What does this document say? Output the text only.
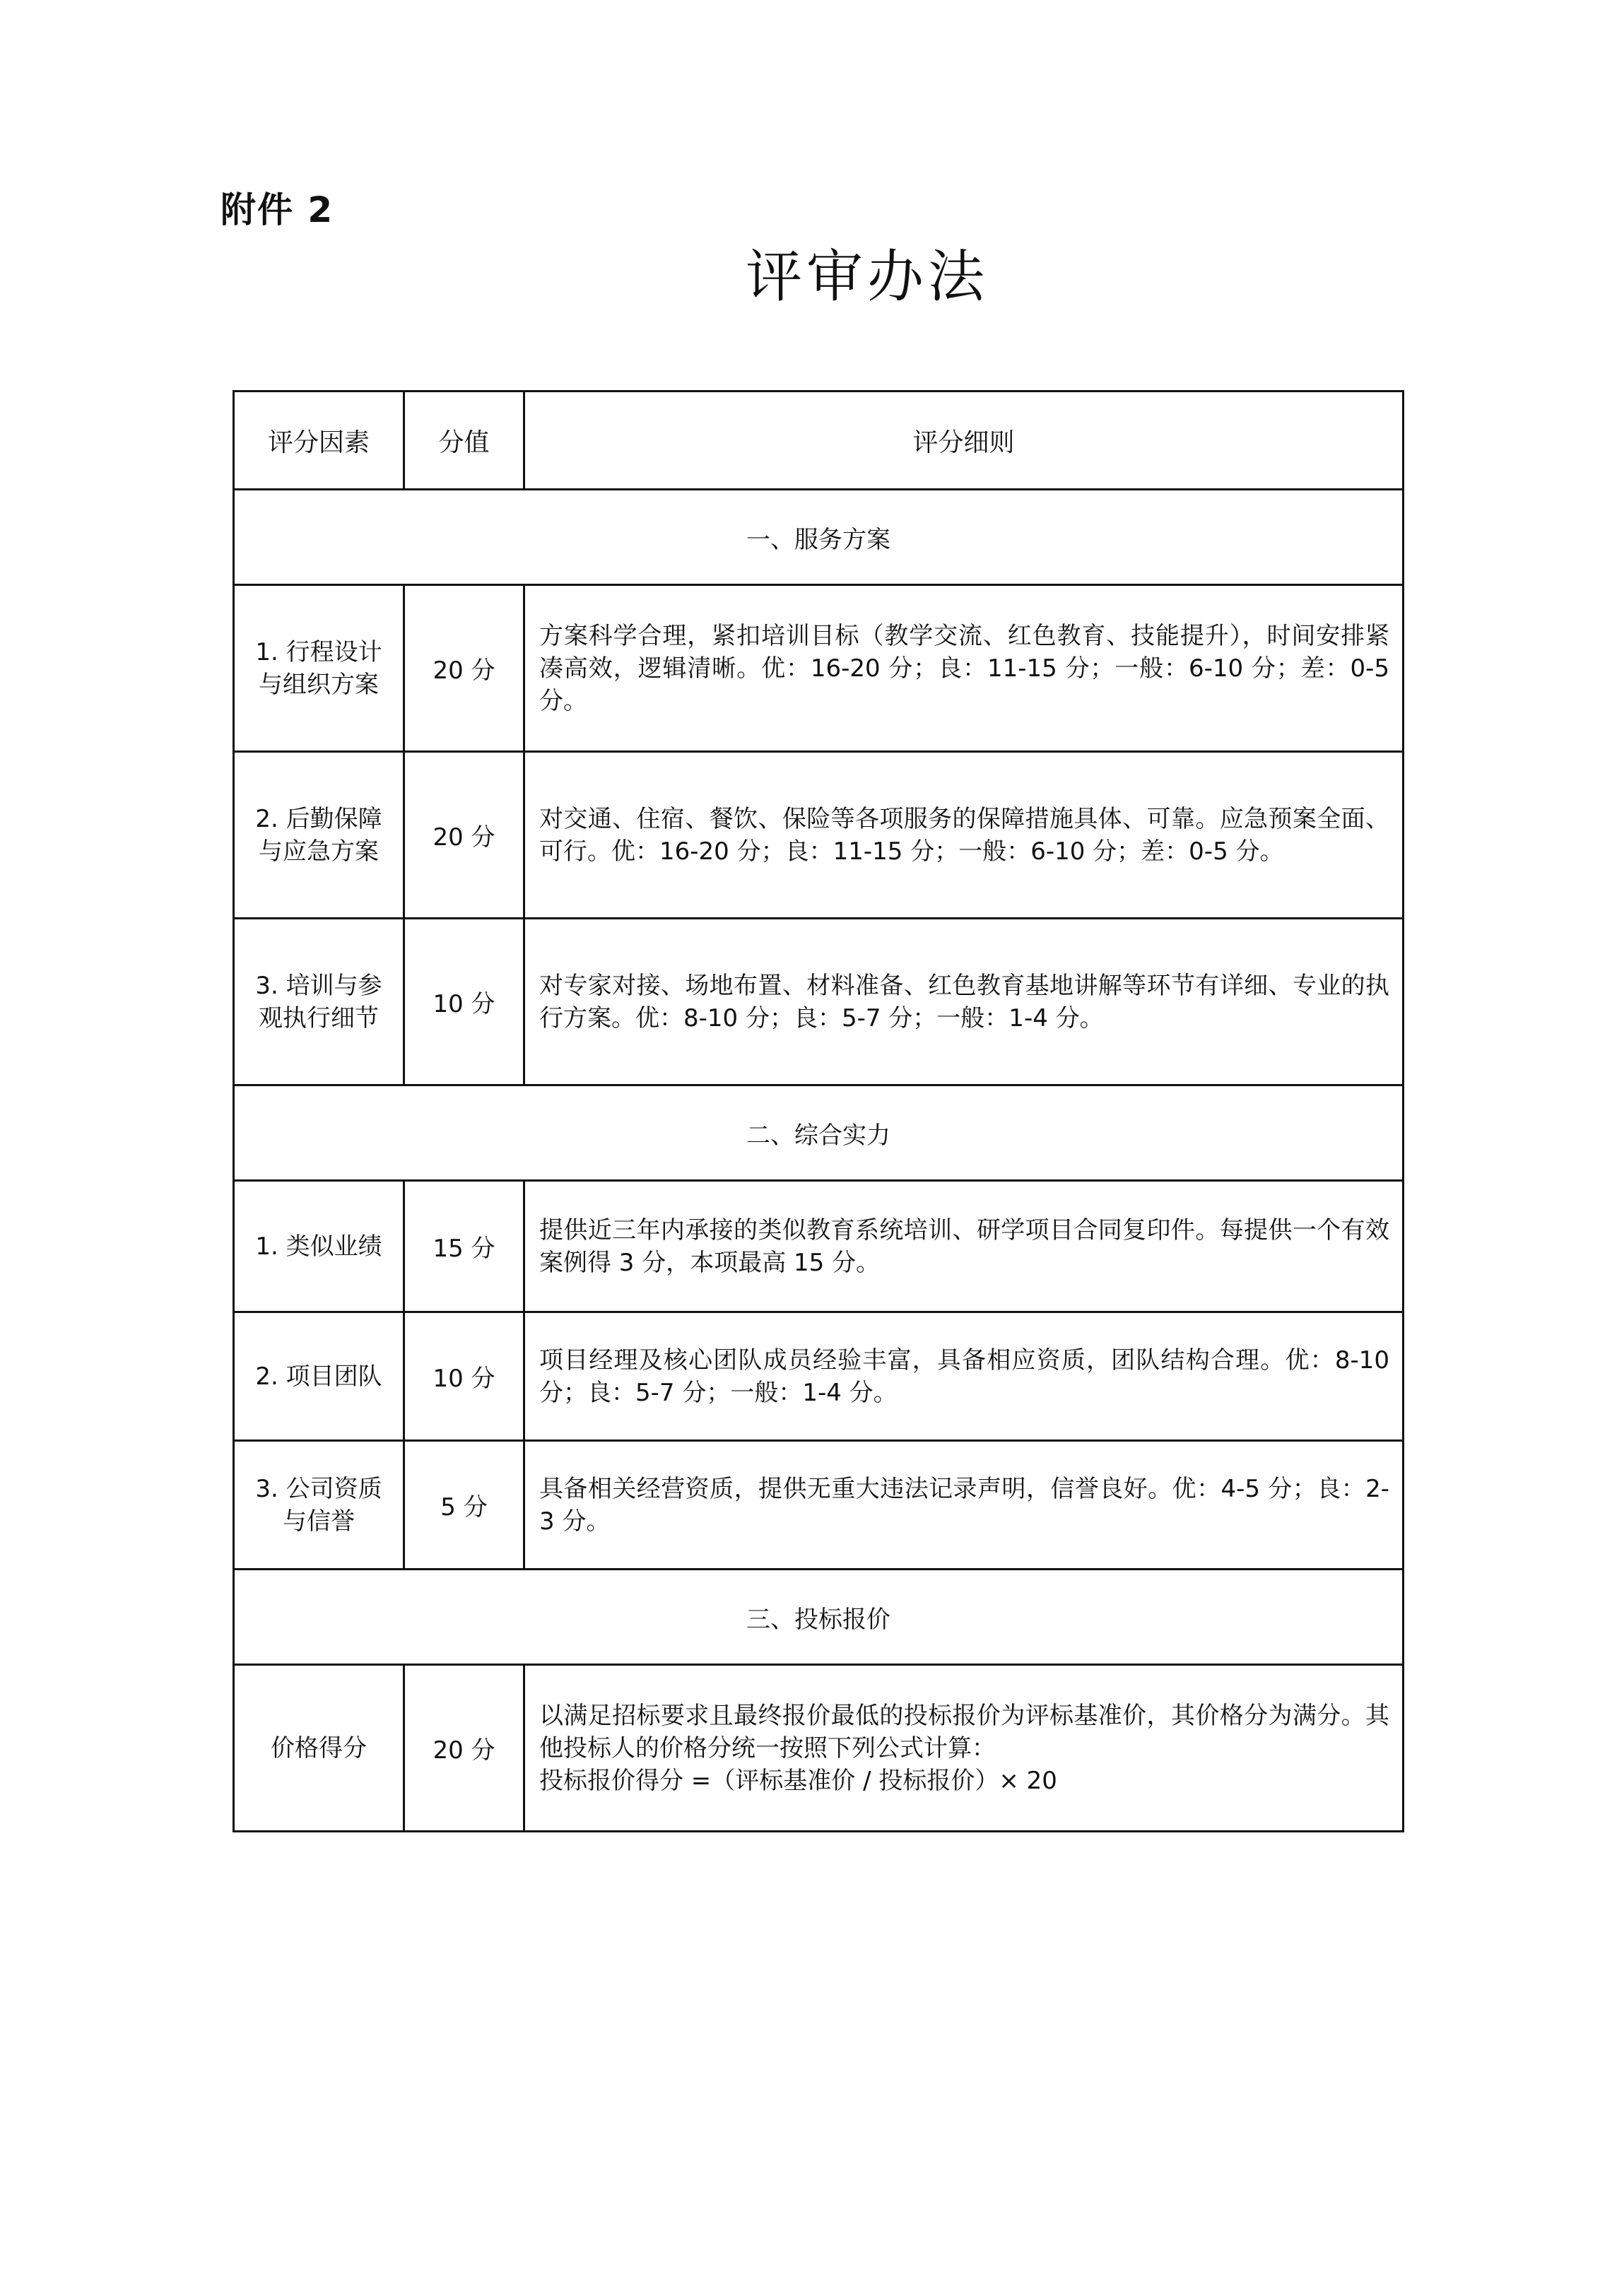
附件 2
评审办法
评分因素	分值	评分细则
一、服务方案		
1. 行程设计与组织方案	20 分	方案科学合理，紧扣培训目标（教学交流、红色教育、技能提升），时间安排紧凑高效，逻辑清晰。优：16-20 分；良：11-15 分；一般：6-10 分；差：0-5 分。
2. 后勤保障与应急方案	20 分	对交通、住宿、餐饮、保险等各项服务的保障措施具体、可靠。应急预案全面、可行。优：16-20 分；良：11-15 分；一般：6-10 分；差：0-5 分。
3. 培训与参观执行细节	10 分	对专家对接、场地布置、材料准备、红色教育基地讲解等环节有详细、专业的执行方案。优：8-10 分；良：5-7 分；一般：1-4 分。
二、综合实力		
1. 类似业绩	15 分	提供近三年内承接的类似教育系统培训、研学项目合同复印件。每提供一个有效案例得 3 分，本项最高 15 分。
2. 项目团队	10 分	项目经理及核心团队成员经验丰富，具备相应资质，团队结构合理。优：8-10 分；良：5-7 分；一般：1-4 分。
3. 公司资质与信誉	5 分	具备相关经营资质，提供无重大违法记录声明，信誉良好。优：4-5 分；良：2-3 分。
三、投标报价		
价格得分	20 分	以满足招标要求且最终报价最低的投标报价为评标基准价，其价格分为满分。其他投标人的价格分统一按照下列公式计算：
投标报价得分 =（评标基准价 / 投标报价）× 20
